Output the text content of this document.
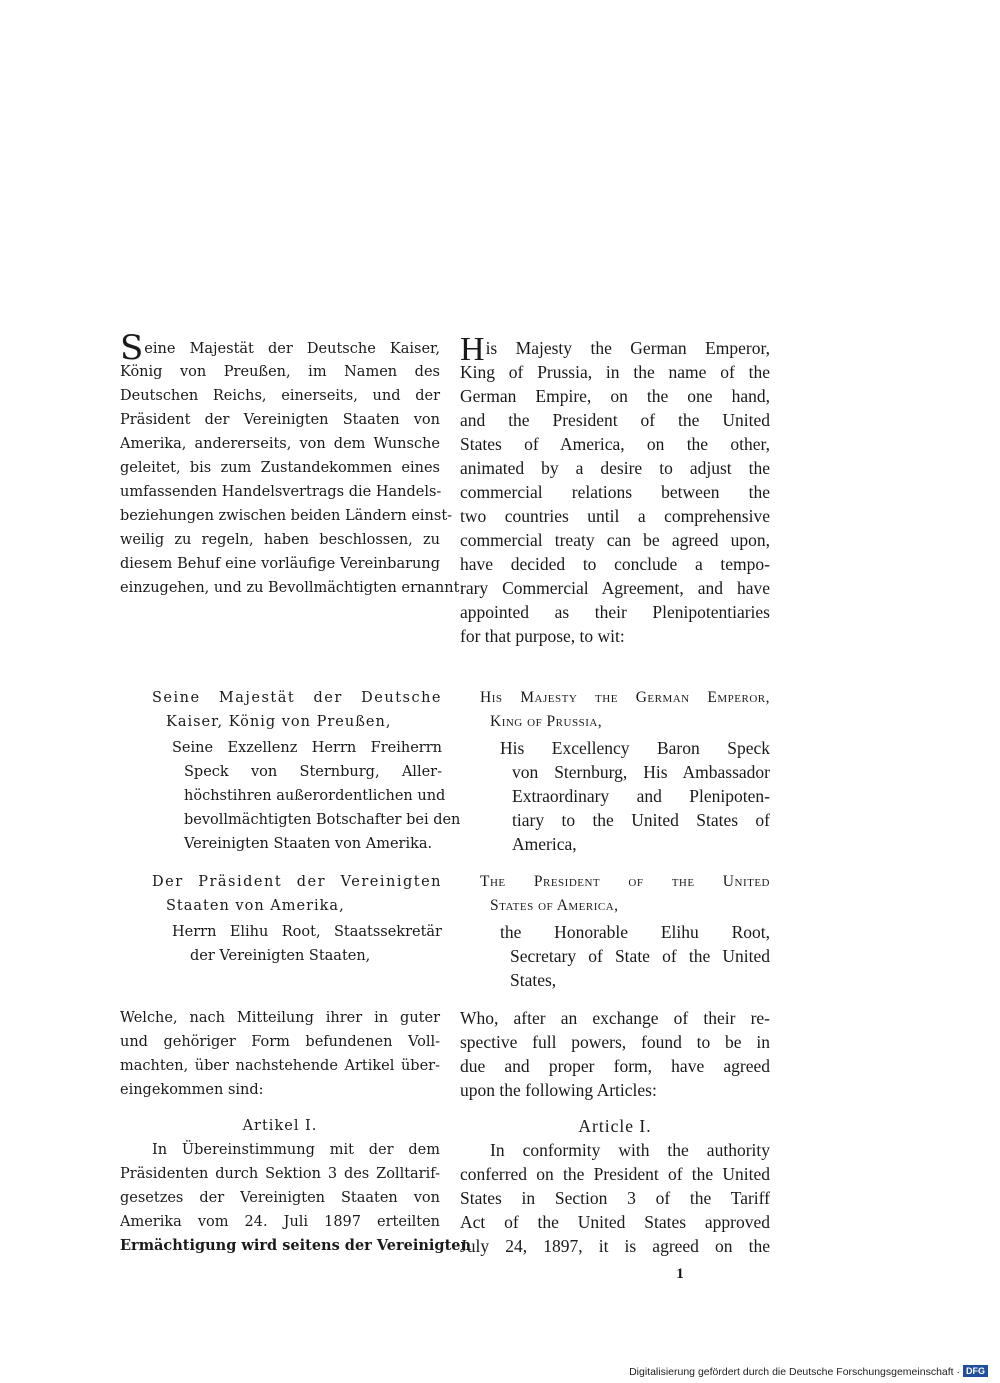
Seine Majestät der Deutsche Kaiser,
König von Preußen, im Namen des
Deutschen Reichs, einerseits, und der
Präsident der Vereinigten Staaten von
Amerika, andererseits, von dem Wunsche
geleitet, bis zum Zustandekommen eines
umfassenden Handelsvertrags die Handels-
beziehungen zwischen beiden Ländern einst-
weilig zu regeln, haben beschlossen, zu
diesem Behuf eine vorläufige Vereinbarung
einzugehen, und zu Bevollmächtigten ernannt:
His Majesty the German Emperor,
King of Prussia, in the name of the
German Empire, on the one hand,
and the President of the United
States of America, on the other,
animated by a desire to adjust the
commercial relations between the
two countries until a comprehensive
commercial treaty can be agreed upon,
have decided to conclude a tempo-
rary Commercial Agreement, and have
appointed as their Plenipotentiaries
for that purpose, to wit:
Seine Majestät der Deutsche
Kaiser, König von Preußen,
Seine Exzellenz Herrn Freiherrn
Speck von Sternburg, Aller-
höchstihren außerordentlichen und
bevollmächtigten Botschafter bei den
Vereinigten Staaten von Amerika.
Der Präsident der Vereinigten
Staaten von Amerika,
Herrn Elihu Root, Staatssekretär
der Vereinigten Staaten,
His Majesty the German Emperor,
King of Prussia,
His Excellency Baron Speck
von Sternburg, His Ambassador
Extraordinary and Plenipoten-
tiary to the United States of
America,
The President of the United
States of America,
the Honorable Elihu Root,
Secretary of State of the United
States,
Welche, nach Mitteilung ihrer in guter
und gehöriger Form befundenen Voll-
machten, über nachstehende Artikel über-
eingekommen sind:
Who, after an exchange of their re-
spective full powers, found to be in
due and proper form, have agreed
upon the following Articles:
Artikel I.
In Übereinstimmung mit der dem
Präsidenten durch Sektion 3 des Zolltarif-
gesetzes der Vereinigten Staaten von
Amerika vom 24. Juli 1897 erteilten
Ermächtigung wird seitens der Vereinigten
Article I.
In conformity with the authority
conferred on the President of the United
States in Section 3 of the Tariff
Act of the United States approved
July 24, 1897, it is agreed on the
1
Digitalisierung gefördert durch die Deutsche Forschungsgemeinschaft · DFG
